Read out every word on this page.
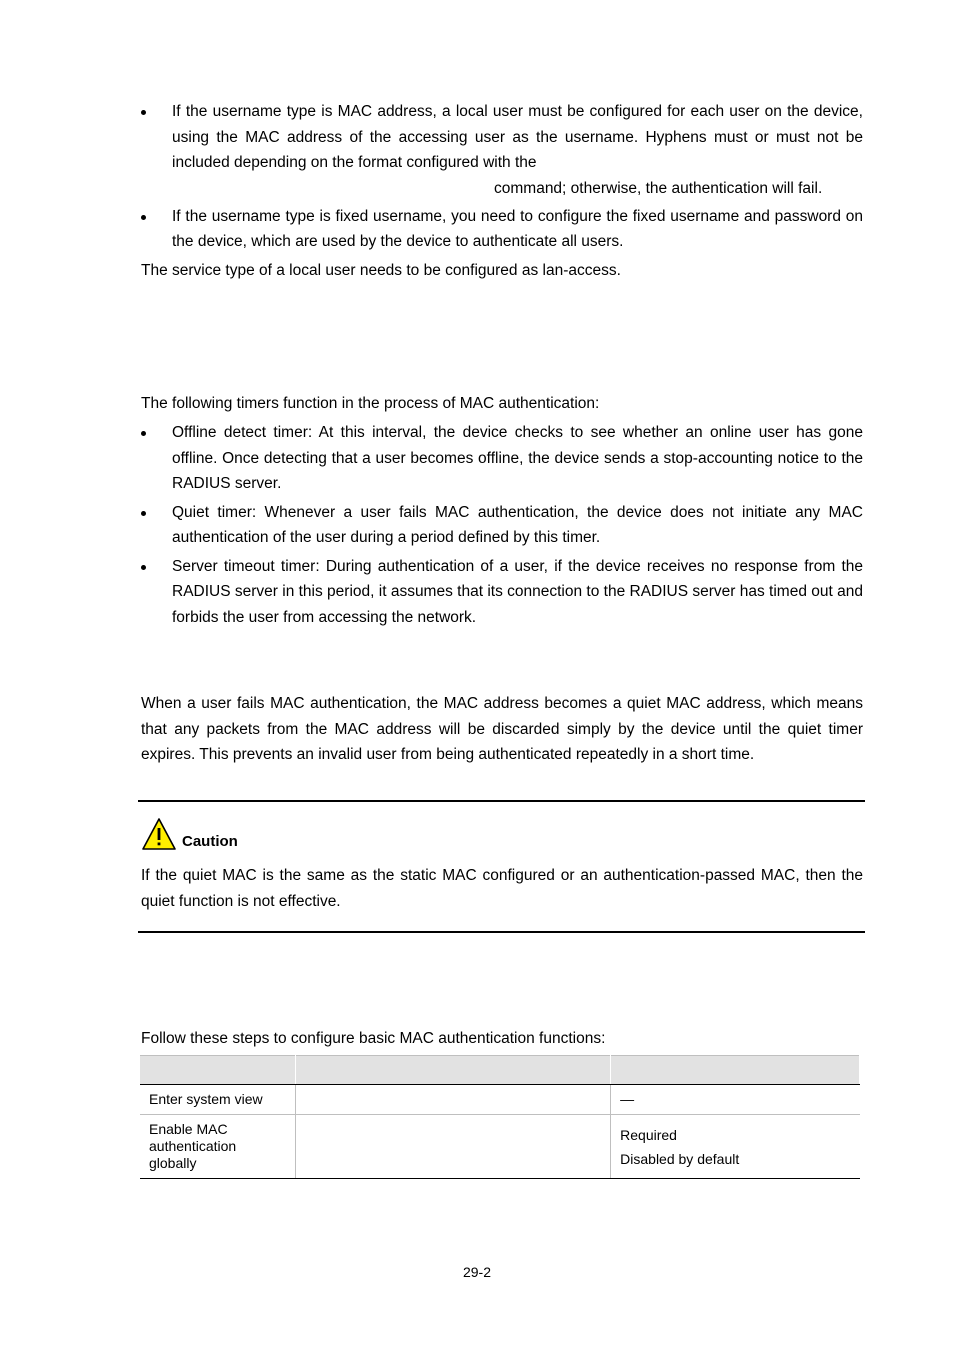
If the username type is MAC address, a local user must be configured for each user on the device, using the MAC address of the accessing user as the username. Hyphens must or must not be included depending on the format configured with the
command; otherwise, the authentication will fail.
If the username type is fixed username, you need to configure the fixed username and password on the device, which are used by the device to authenticate all users.

The service type of a local user needs to be configured as lan-access.

The following timers function in the process of MAC authentication:

Offline detect timer: At this interval, the device checks to see whether an online user has gone offline. Once detecting that a user becomes offline, the device sends a stop-accounting notice to the RADIUS server.
Quiet timer: Whenever a user fails MAC authentication, the device does not initiate any MAC authentication of the user during a period defined by this timer.
Server timeout timer: During authentication of a user, if the device receives no response from the RADIUS server in this period, it assumes that its connection to the RADIUS server has timed out and forbids the user from accessing the network.

When a user fails MAC authentication, the MAC address becomes a quiet MAC address, which means that any packets from the MAC address will be discarded simply by the device until the quiet timer expires. This prevents an invalid user from being authenticated repeatedly in a short time.

Caution

If the quiet MAC is the same as the static MAC configured or an authentication-passed MAC, then the quiet function is not effective.

Follow these steps to configure basic MAC authentication functions:

Enter system view		—

Enable MAC authentication globally		Required
Disabled by default
29-2
